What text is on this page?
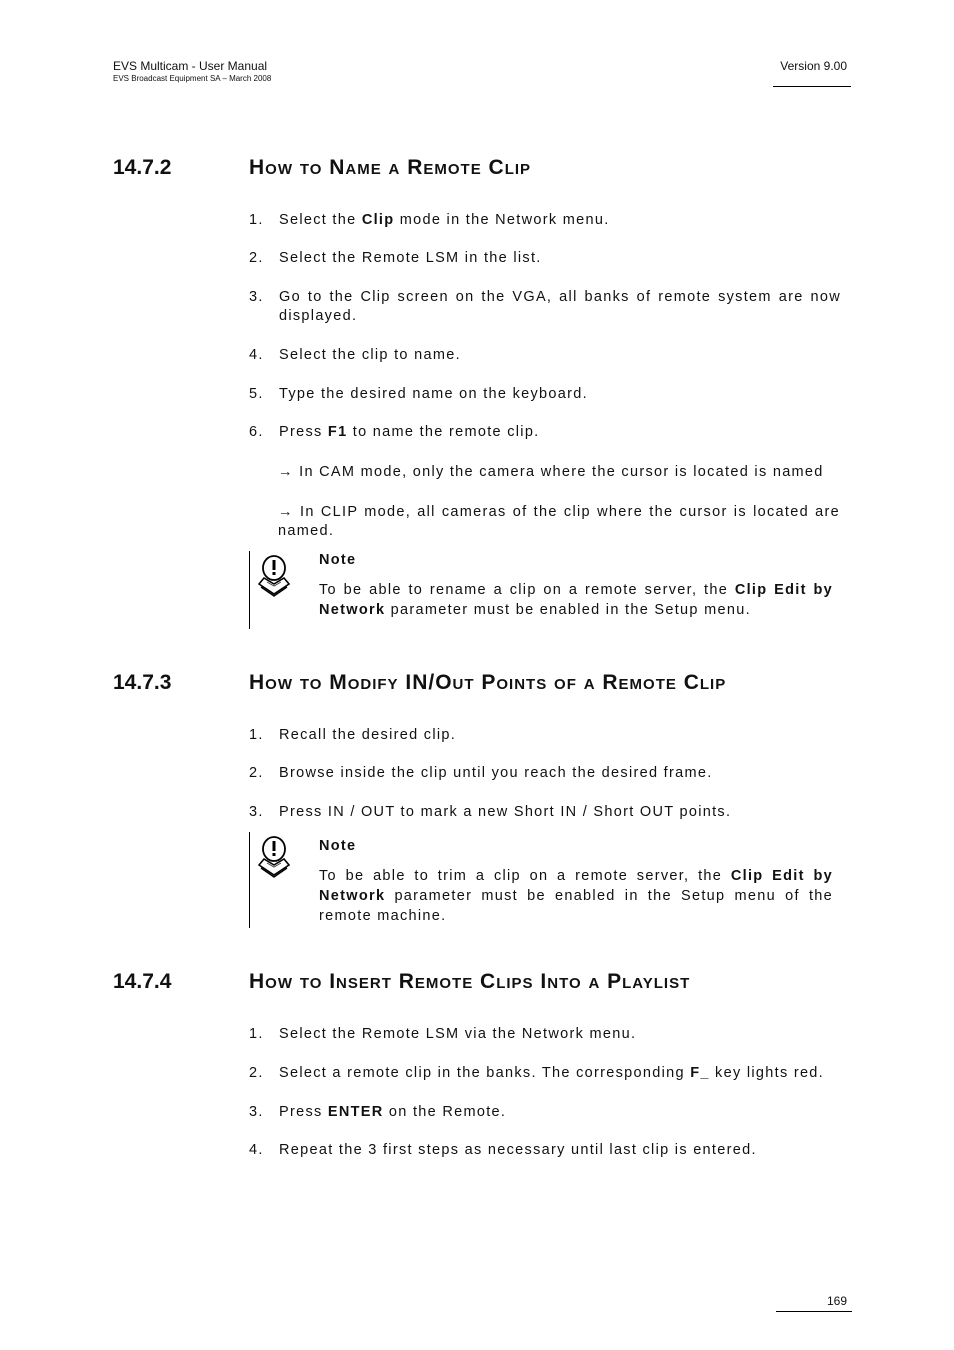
EVS Multicam - User Manual
EVS Broadcast Equipment SA – March 2008
Version 9.00
14.7.2	How to Name a Remote Clip
1. Select the Clip mode in the Network menu.
2. Select the Remote LSM in the list.
3. Go to the Clip screen on the VGA, all banks of remote system are now displayed.
4. Select the clip to name.
5. Type the desired name on the keyboard.
6. Press F1 to name the remote clip.
→ In CAM mode, only the camera where the cursor is located is named
→ In CLIP mode, all cameras of the clip where the cursor is located are named.
Note
To be able to rename a clip on a remote server, the Clip Edit by Network parameter must be enabled in the Setup menu.
14.7.3	How to Modify IN/Out Points of a Remote Clip
1. Recall the desired clip.
2. Browse inside the clip until you reach the desired frame.
3. Press IN / OUT to mark a new Short IN / Short OUT points.
Note
To be able to trim a clip on a remote server, the Clip Edit by Network parameter must be enabled in the Setup menu of the remote machine.
14.7.4	How to Insert Remote Clips Into a Playlist
1. Select the Remote LSM via the Network menu.
2. Select a remote clip in the banks. The corresponding F_ key lights red.
3. Press ENTER on the Remote.
4. Repeat the 3 first steps as necessary until last clip is entered.
169
